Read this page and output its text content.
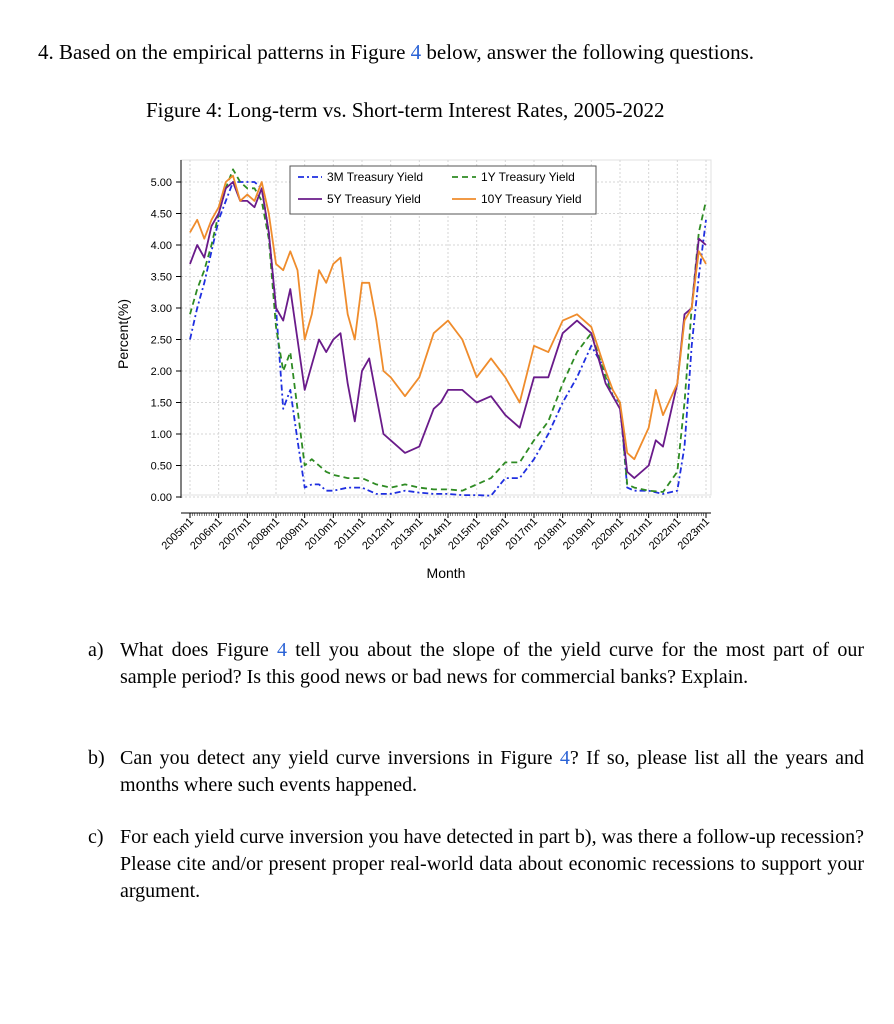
4. Based on the empirical patterns in Figure 4 below, answer the following questions.
Figure 4: Long-term vs. Short-term Interest Rates, 2005-2022
0.00
0.50
1.00
1.50
2.00
2.50
3.00
3.50
4.00
4.50
5.00
2005m1
2006m1
2007m1
2008m1
2009m1
2010m1
2011m1
2012m1
2013m1
2014m1
2015m1
2016m1
2017m1
2018m1
2019m1
2020m1
2021m1
2022m1
2023m1
Percent(%)
Month
3M Treasury Yield	1Y Treasury Yield
5Y Treasury Yield	10Y Treasury Yield
a) What does Figure 4 tell you about the slope of the yield curve for the most part of our sample period? Is this good news or bad news for commercial banks? Explain.
b) Can you detect any yield curve inversions in Figure 4? If so, please list all the years and months where such events happened.
c) For each yield curve inversion you have detected in part b), was there a follow-up recession? Please cite and/or present proper real-world data about economic recessions to support your argument.
